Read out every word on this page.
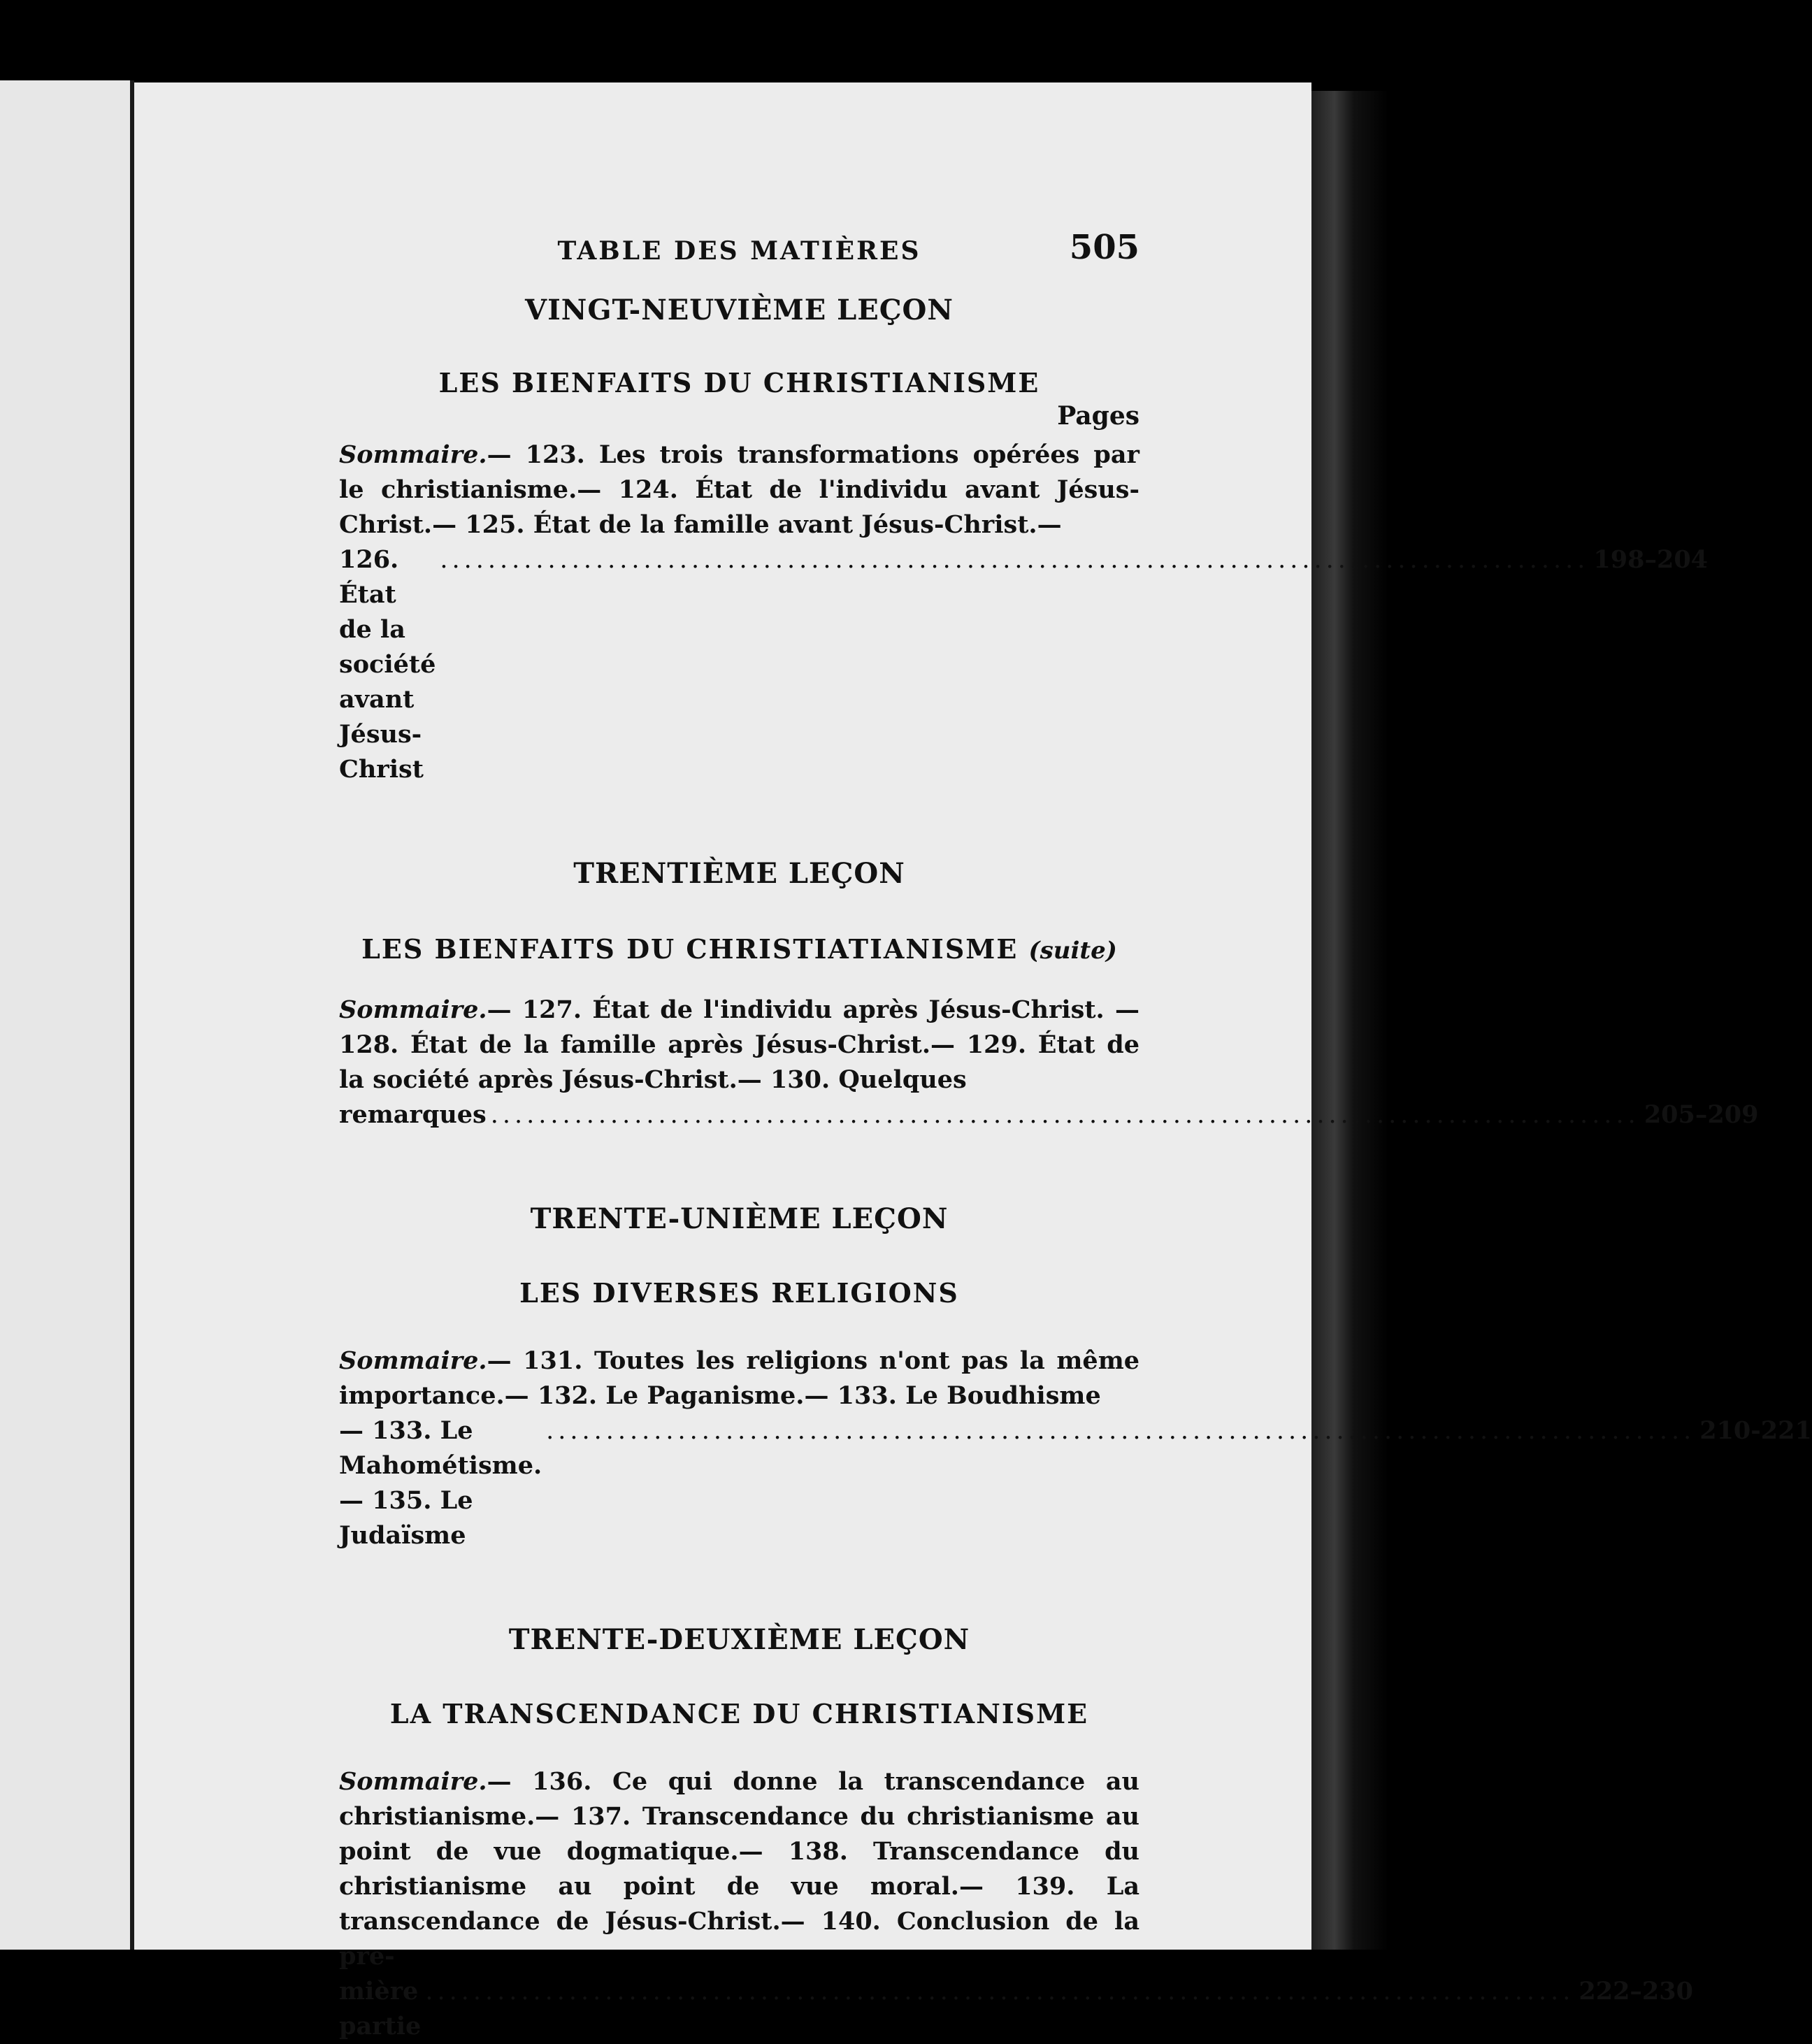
TABLE DES MATIÈRES	505
VINGT-NEUVIÈME LEÇON
LES BIENFAITS DU CHRISTIANISME
Pages

Sommaire.— 123. Les trois transformations opérées par le christianisme.— 124. État de l'individu avant Jésus-Christ.— 125. État de la famille avant Jésus-Christ.—

126. État de la société avant Jésus-Christ
................................................................................................ 198–204
TRENTIÈME LEÇON
LES BIENFAITS DU CHRISTIATIANISME (suite)

Sommaire.— 127. État de l'individu après Jésus-Christ. —128. État de la famille après Jésus-Christ.— 129. État de la société après Jésus-Christ.— 130. Quelques

remarques ................................................................................................ 205–209
TRENTE-UNIÈME LEÇON
LES DIVERSES RELIGIONS

Sommaire.— 131. Toutes les religions n'ont pas la même importance.— 132. Le Paganisme.— 133. Le Boudhisme

— 133. Le Mahométisme.— 135. Le Judaïsme
................................................................................................ 210-221
TRENTE-DEUXIÈME LEÇON
LA TRANSCENDANCE DU CHRISTIANISME

Sommaire.— 136. Ce qui donne la transcendance au christianisme.— 137. Transcendance du christianisme au point de vue dogmatique.— 138. Transcendance du christianisme au point de vue moral.— 139. La transcendance de Jésus-Christ.— 140. Conclusion de la pre-

mière partie
................................................................................................ 222–230
